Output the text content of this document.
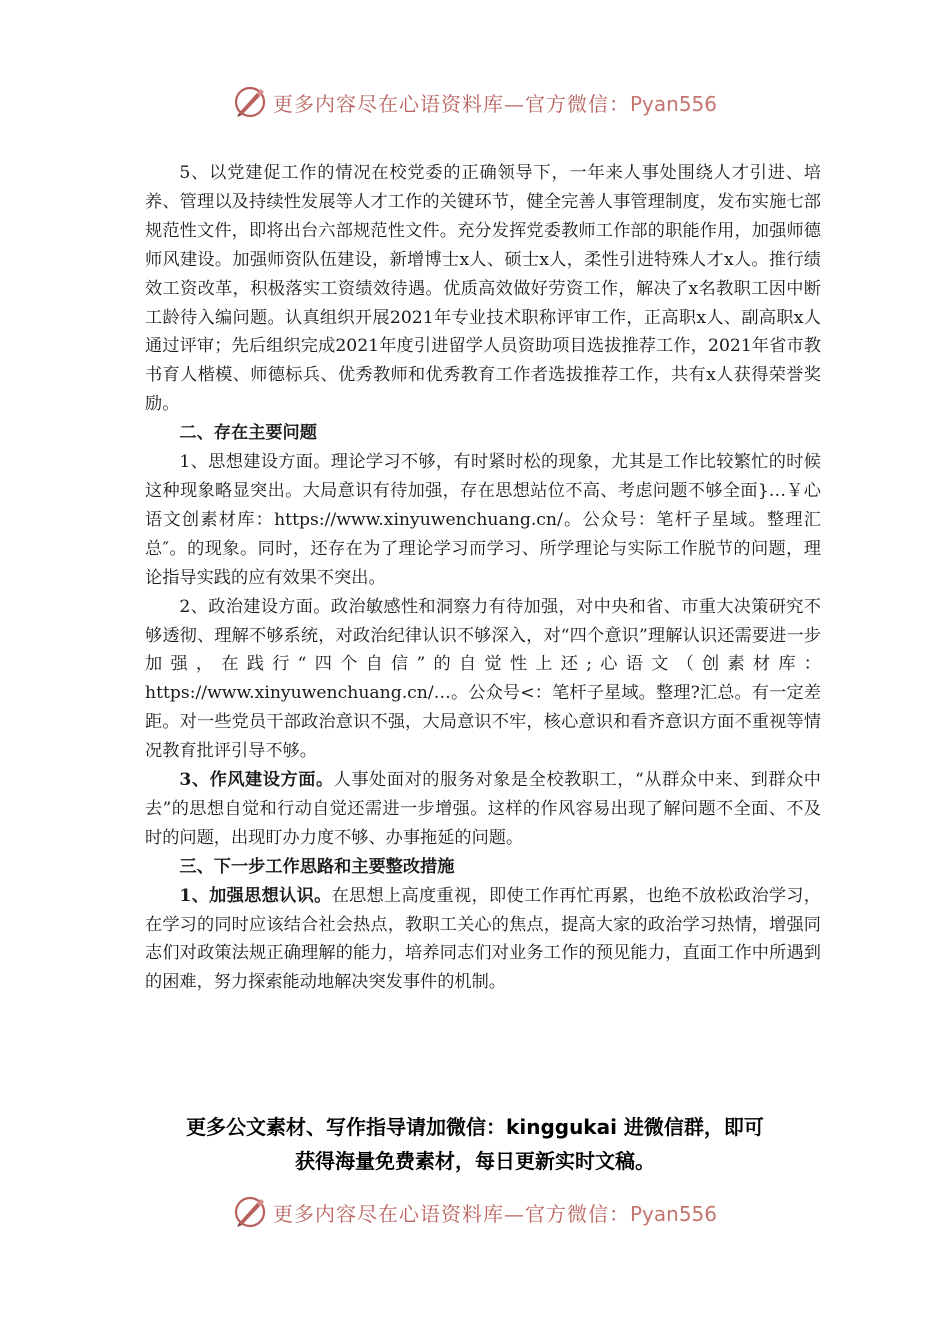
更多内容尽在心语资料库—官方微信：Pyan556

5、以党建促工作的情况在校党委的正确领导下，一年来人事处围绕人才引进、培养、管理以及持续性发展等人才工作的关键环节，健全完善人事管理制度，发布实施七部规范性文件，即将出台六部规范性文件。充分发挥党委教师工作部的职能作用，加强师德师风建设。加强师资队伍建设，新增博士x人、硕士x人，柔性引进特殊人才x人。推行绩效工资改革，积极落实工资绩效待遇。优质高效做好劳资工作，解决了x名教职工因中断工龄待入编问题。认真组织开展2021年专业技术职称评审工作，正高职x人、副高职x人通过评审；先后组织完成2021年度引进留学人员资助项目选拔推荐工作，2021年省市教书育人楷模、师德标兵、优秀教师和优秀教育工作者选拔推荐工作，共有x人获得荣誉奖励。

二、存在主要问题

1、思想建设方面。理论学习不够，有时紧时松的现象，尤其是工作比较繁忙的时候这种现象略显突出。大局意识有待加强，存在思想站位不高、考虑问题不够全面}…￥心语文创素材库：https://www.xinyuwenchuang.cn/。公众号：笔杆子星域。整理汇总″。的现象。同时，还存在为了理论学习而学习、所学理论与实际工作脱节的问题，理论指导实践的应有效果不突出。

2、政治建设方面。政治敏感性和洞察力有待加强，对中央和省、市重大决策研究不够透彻、理解不够系统，对政治纪律认识不够深入，对“四个意识”理解认识还需要进一步加强，在践行“四个自信”的自觉性上还;心语文（创素材库：https://www.xinyuwenchuang.cn/…。公众号<：笔杆子星域。整理?汇总。有一定差距。对一些党员干部政治意识不强，大局意识不牢，核心意识和看齐意识方面不重视等情况教育批评引导不够。

3、作风建设方面。人事处面对的服务对象是全校教职工，“从群众中来、到群众中去”的思想自觉和行动自觉还需进一步增强。这样的作风容易出现了解问题不全面、不及时的问题，出现盯办力度不够、办事拖延的问题。

三、下一步工作思路和主要整改措施

1、加强思想认识。在思想上高度重视，即使工作再忙再累，也绝不放松政治学习，在学习的同时应该结合社会热点，教职工关心的焦点，提高大家的政治学习热情，增强同志们对政策法规正确理解的能力，培养同志们对业务工作的预见能力，直面工作中所遇到的困难，努力探索能动地解决突发事件的机制。

更多公文素材、写作指导请加微信：kinggukai 进微信群，即可
获得海量免费素材，每日更新实时文稿。
更多内容尽在心语资料库—官方微信：Pyan556
